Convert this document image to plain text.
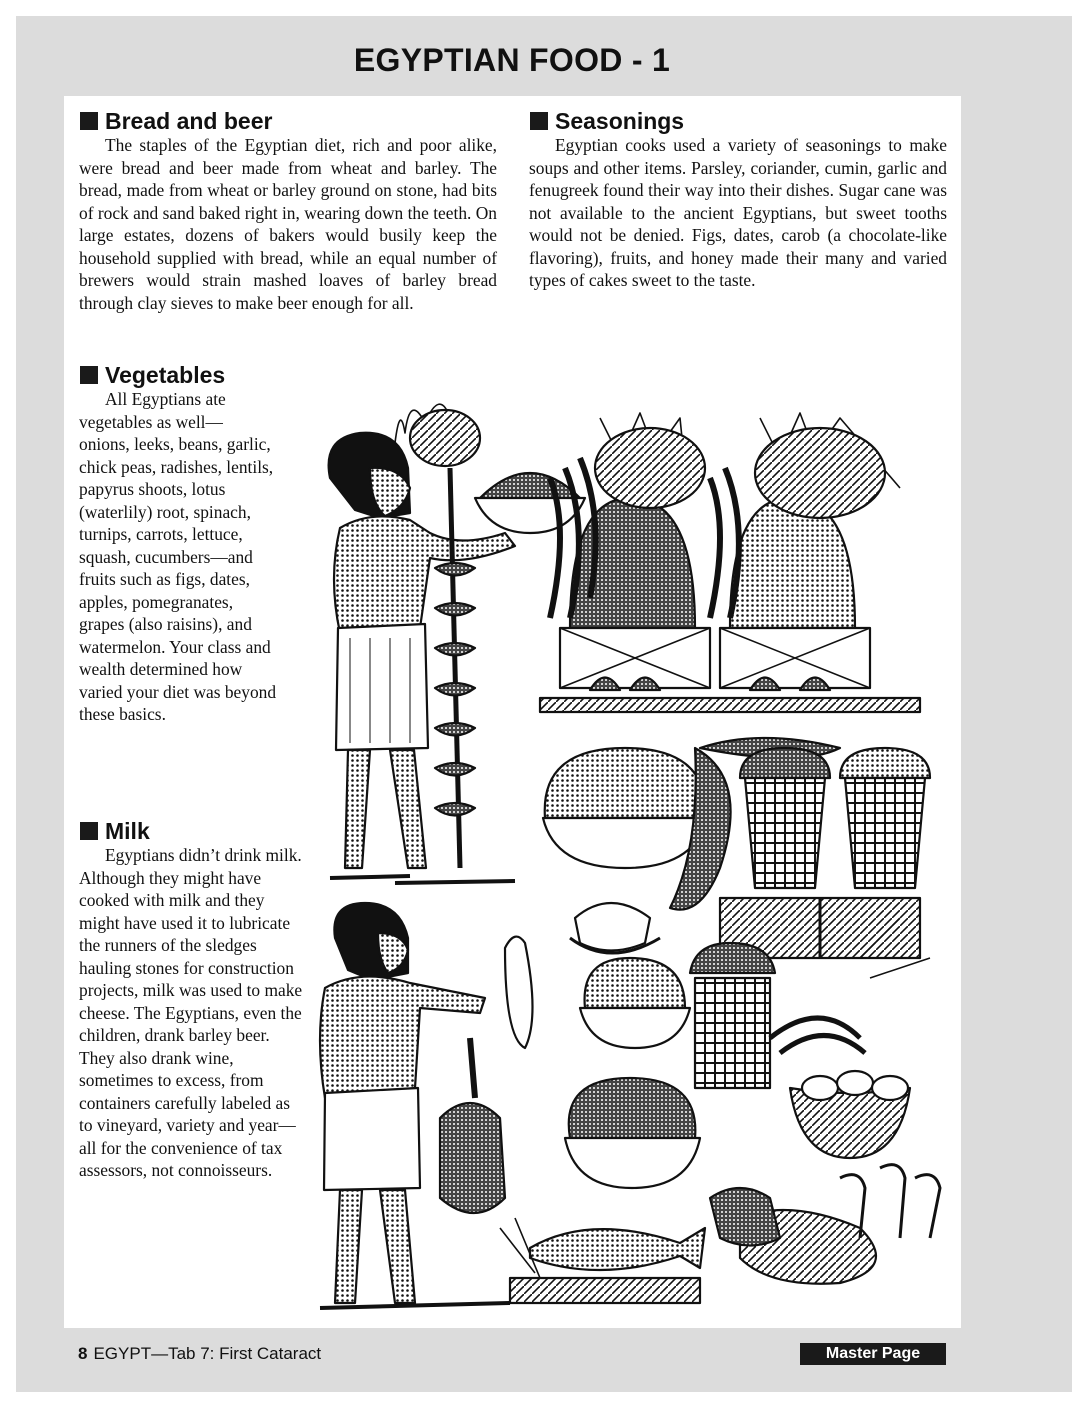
EGYPTIAN FOOD - 1
Bread and beer

The staples of the Egyptian diet, rich and poor alike, were bread and beer made from wheat and barley. The bread, made from wheat or barley ground on stone, had bits of rock and sand baked right in, wearing down the teeth. On large estates, dozens of bakers would busily keep the household supplied with bread, while an equal number of brewers would strain mashed loaves of barley bread through clay sieves to make beer enough for all.

Seasonings

Egyptian cooks used a variety of seasonings to make soups and other items. Parsley, coriander, cumin, garlic and fenugreek found their way into their dishes. Sugar cane was not available to the ancient Egyptians, but sweet tooths would not be denied. Figs, dates, carob (a chocolate-like flavoring), fruits, and honey made their many and varied types of cakes sweet to the taste.

Vegetables

All Egyptians ate vegetables as well— onions, leeks, beans, garlic, chick peas, radishes, lentils, papyrus shoots, lotus (waterlily) root, spinach, turnips, carrots, lettuce, squash, cucumbers—and fruits such as figs, dates, apples, pomegranates, grapes (also raisins), and watermelon. Your class and wealth determined how varied your diet was beyond these basics.

Milk

Egyptians didn’t drink milk. Although they might have cooked with milk and they might have used it to lubricate the runners of the sledges hauling stones for construction projects, milk was used to make cheese. The Egyptians, even the children, drank barley beer. They also drank wine, sometimes to excess, from containers carefully labeled as to vineyard, variety and year—all for the convenience of tax assessors, not connoisseurs.

8 EGYPT—Tab 7: First Cataract	Master Page
